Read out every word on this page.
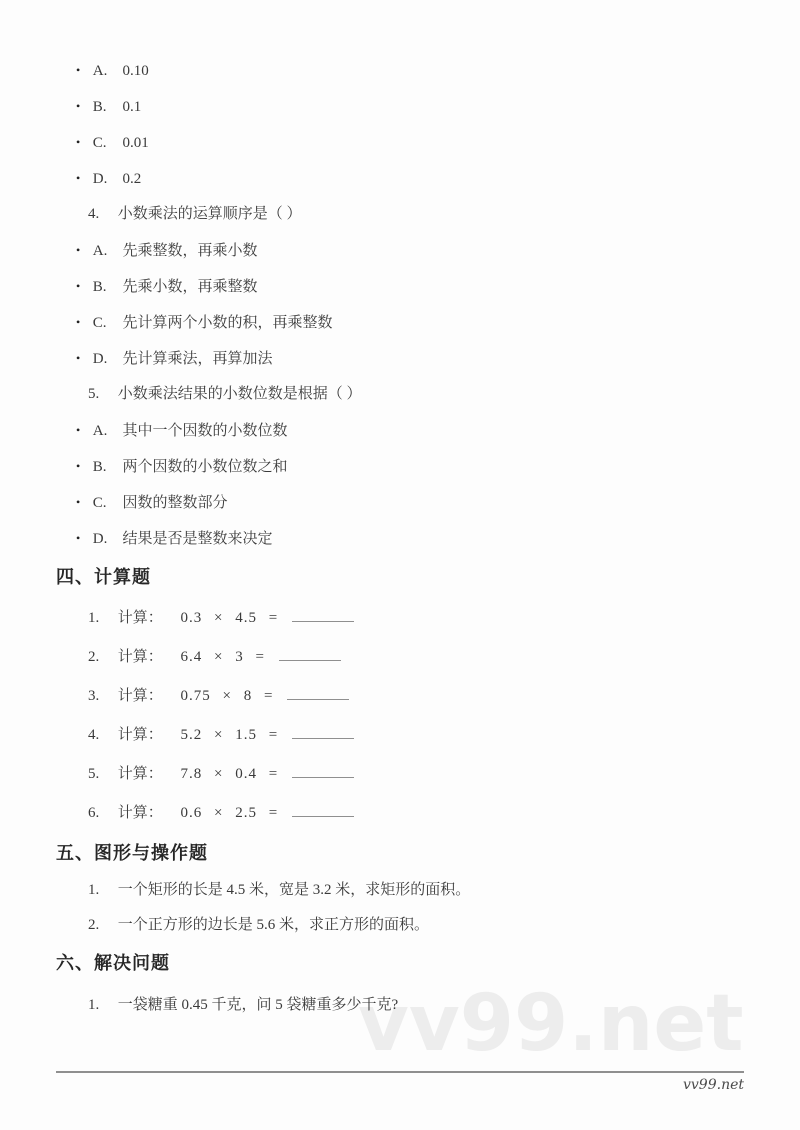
vv99.net
• A. 0.10
• B. 0.1
• C. 0.01
• D. 0.2
4. 小数乘法的运算顺序是（ ）
• A. 先乘整数，再乘小数
• B. 先乘小数，再乘整数
• C. 先计算两个小数的积，再乘整数
• D. 先计算乘法，再算加法
5. 小数乘法结果的小数位数是根据（ ）
• A. 其中一个因数的小数位数
• B. 两个因数的小数位数之和
• C. 因数的整数部分
• D. 结果是否是整数来决定
四、计算题
1. 计算： 0.3 × 4.5 =
2. 计算： 6.4 × 3 =
3. 计算： 0.75 × 8 =
4. 计算： 5.2 × 1.5 =
5. 计算： 7.8 × 0.4 =
6. 计算： 0.6 × 2.5 =
五、图形与操作题
1. 一个矩形的长是 4.5 米，宽是 3.2 米，求矩形的面积。
2. 一个正方形的边长是 5.6 米，求正方形的面积。
六、解决问题
1. 一袋糖重 0.45 千克，问 5 袋糖重多少千克?
vv99.net
